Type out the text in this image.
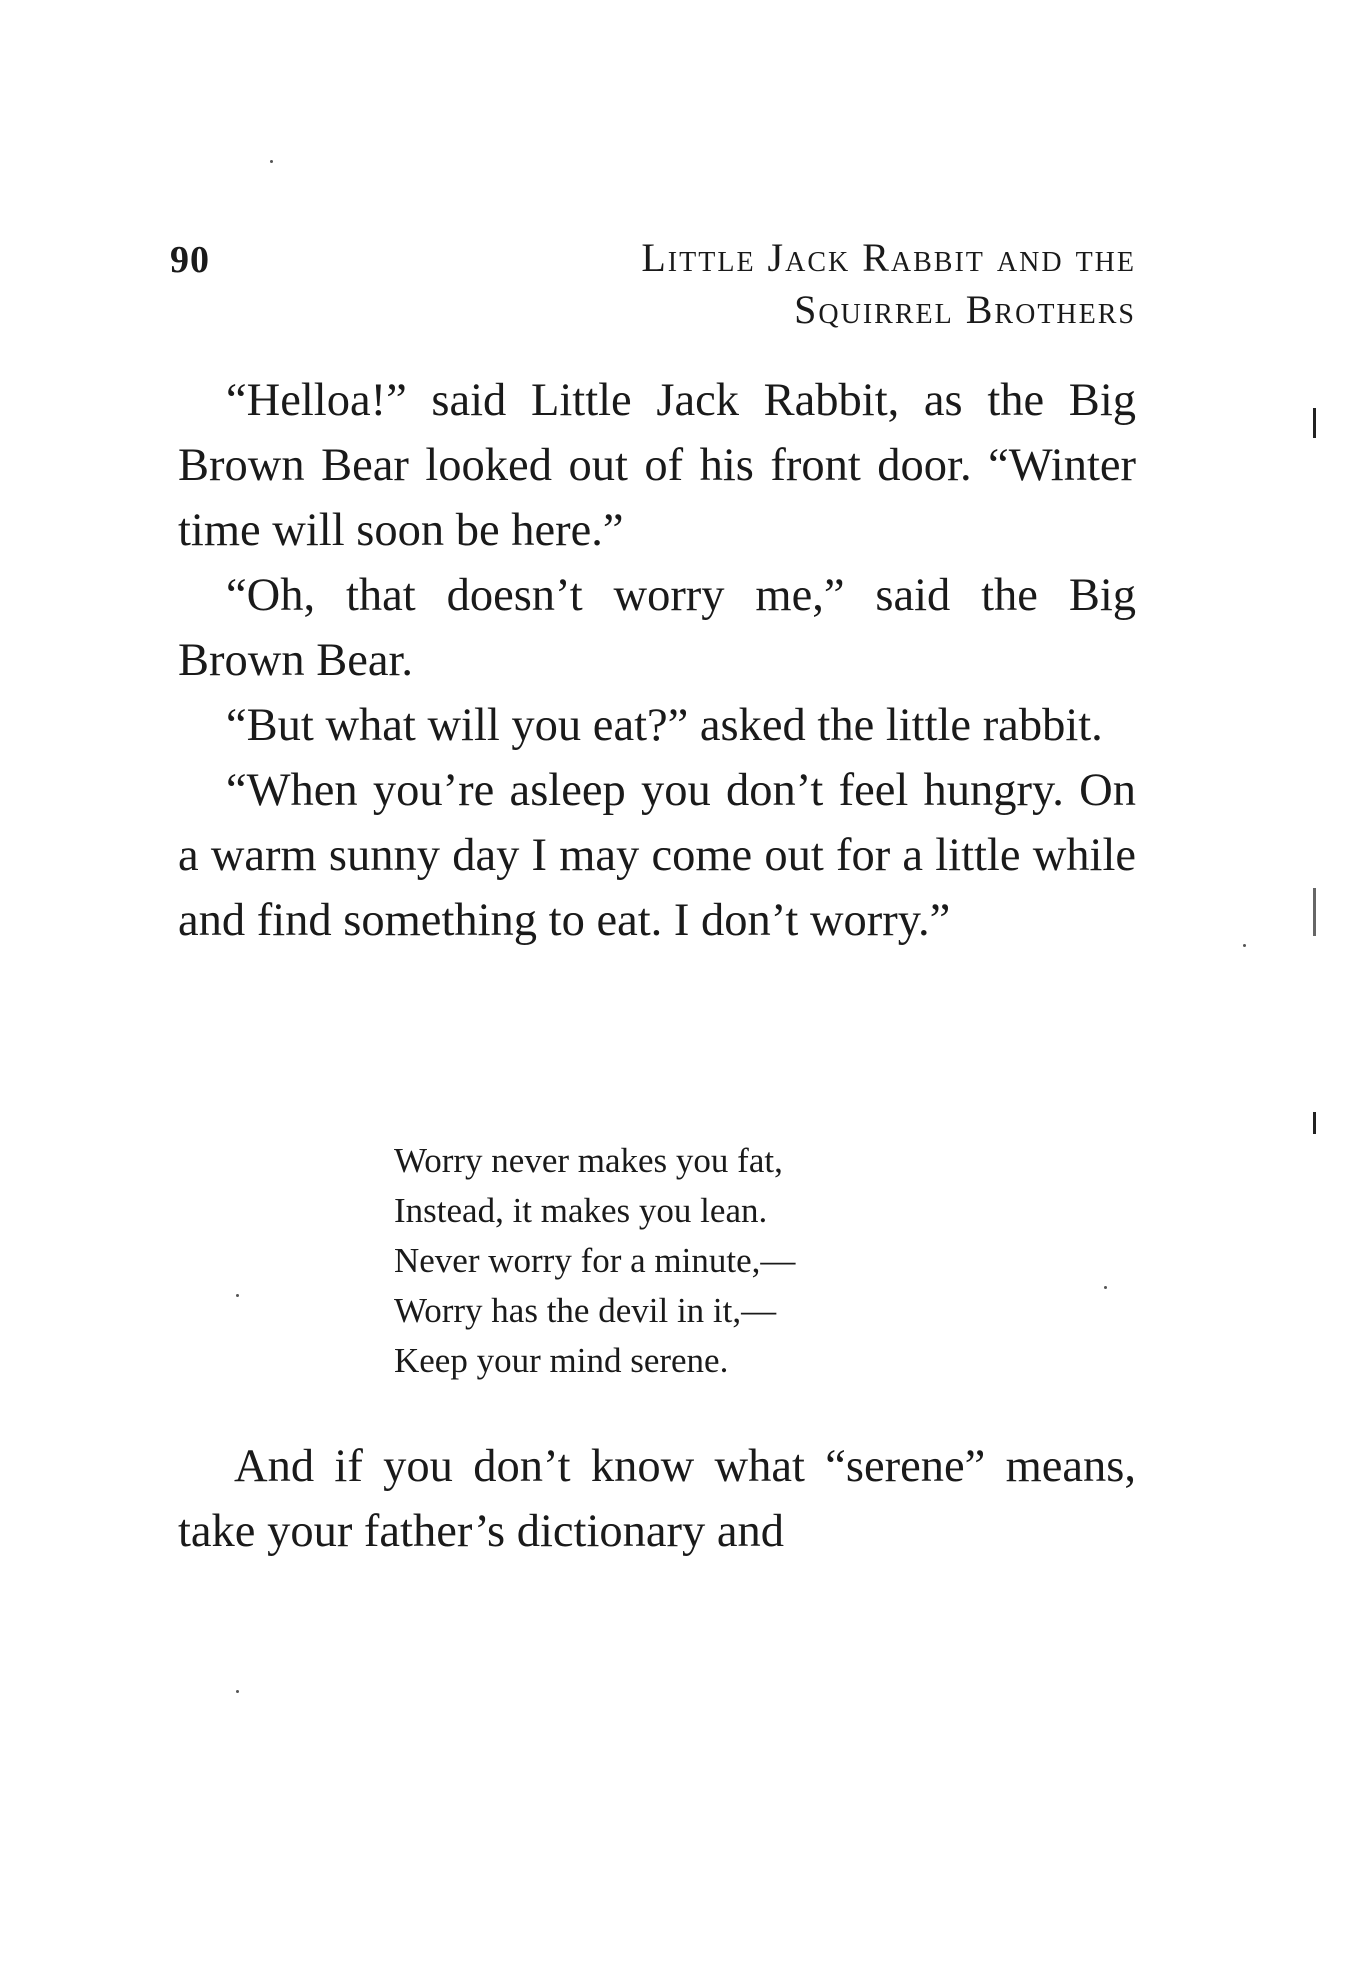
90	Little Jack Rabbit and the
Squirrel Brothers

“Helloa!” said Little Jack Rabbit, as the Big Brown Bear looked out of his front door. “Winter time will soon be here.”

“Oh, that doesn’t worry me,” said the Big Brown Bear.

“But what will you eat?” asked the little rabbit.

“When you’re asleep you don’t feel hungry. On a warm sunny day I may come out for a little while and find something to eat. I don’t worry.”

Worry never makes you fat,
Instead, it makes you lean.
Never worry for a minute,—
Worry has the devil in it,—
Keep your mind serene.

And if you don’t know what “serene” means, take your father’s dictionary and
